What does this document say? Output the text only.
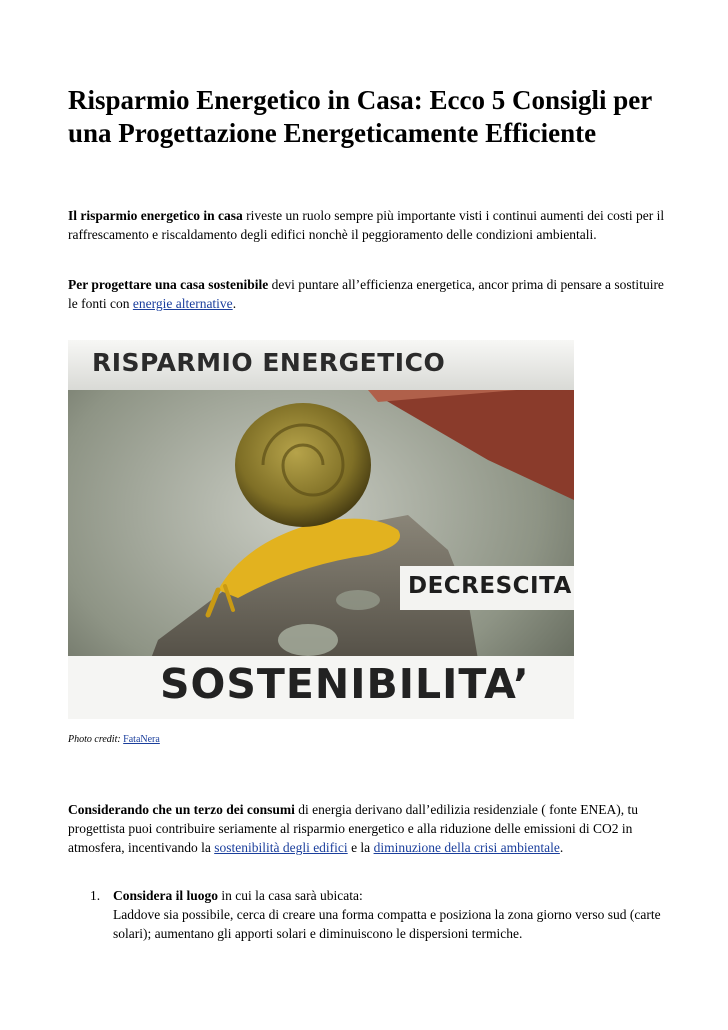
Risparmio Energetico in Casa: Ecco 5 Consigli per una Progettazione Energeticamente Efficiente

Il risparmio energetico in casa riveste un ruolo sempre più importante visti i continui aumenti dei costi per il raffrescamento e riscaldamento degli edifici nonchè il peggioramento delle condizioni ambientali.

Per progettare una casa sostenibile devi puntare all’efficienza energetica, ancor prima di pensare a sostituire le fonti con energie alternative.

RISPARMIO ENERGETICO
DECRESCITA
SOSTENIBILITA’

Photo credit: FataNera

Considerando che un terzo dei consumi di energia derivano dall’edilizia residenziale ( fonte ENEA), tu progettista puoi contribuire seriamente al risparmio energetico e alla riduzione delle emissioni di CO2 in atmosfera, incentivando la sostenibilità degli edifici e la diminuzione della crisi ambientale.

1. Considera il luogo in cui la casa sarà ubicata:
Laddove sia possibile, cerca di creare una forma compatta e posiziona la zona giorno verso sud (carte solari); aumentano gli apporti solari e diminuiscono le dispersioni termiche.
